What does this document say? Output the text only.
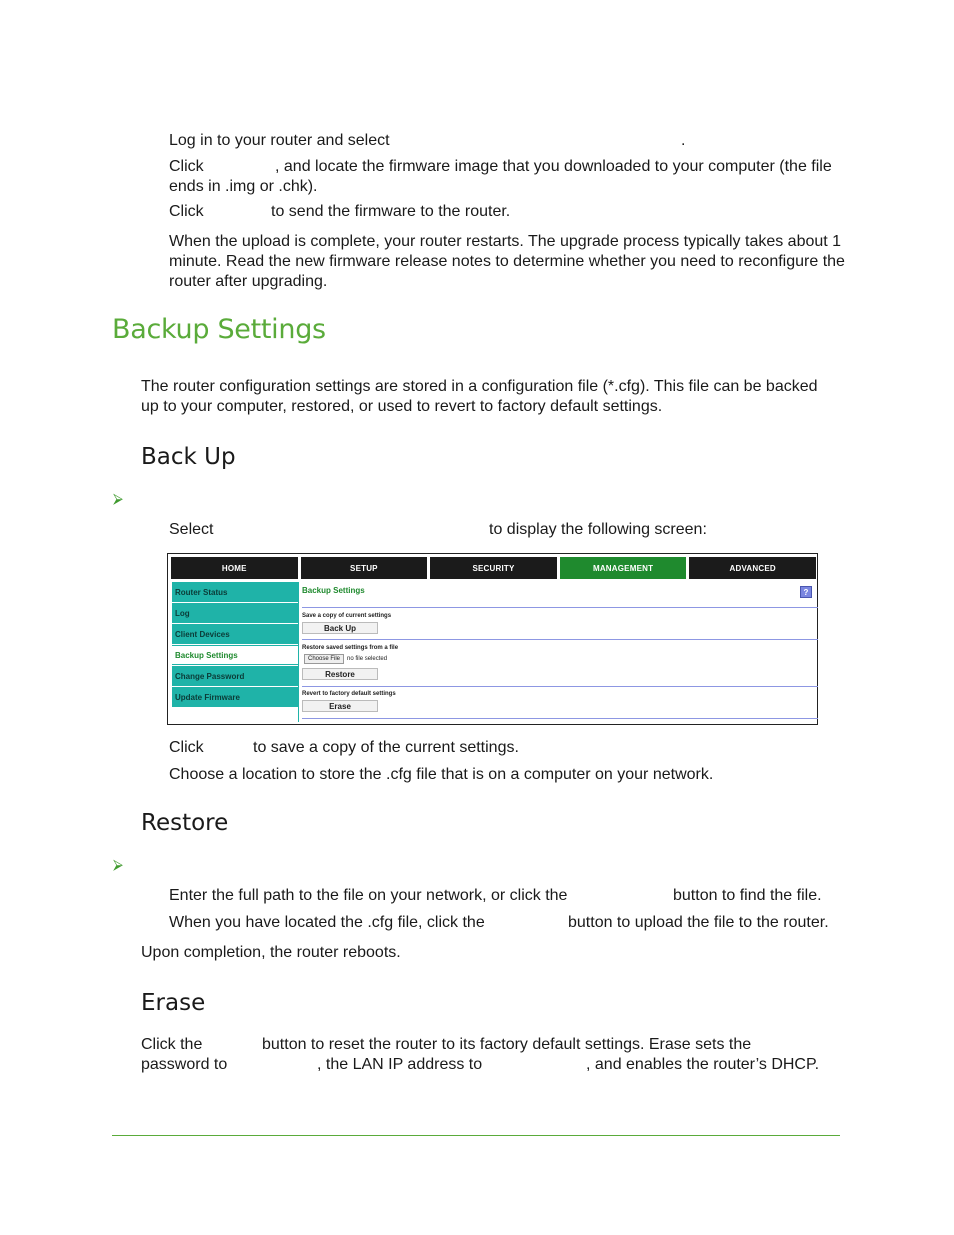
Log in to your router and select	.

Click	, and locate the firmware image that you downloaded to your computer (the file ends in .img or .chk).

Click	to send the firmware to the router.

When the upload is complete, your router restarts. The upgrade process typically takes about 1 minute. Read the new firmware release notes to determine whether you need to reconfigure the router after upgrading.

Backup Settings

The router configuration settings are stored in a configuration file (*.cfg). This file can be backed up to your computer, restored, or used to revert to factory default settings.

Back Up
⮚

Select	to display the following screen:

HOME	SETUP	SECURITY	MANAGEMENT	ADVANCED
Router Status
Log
Client Devices
Backup Settings
Change Password
Update Firmware
Backup Settings	?
Save a copy of current settings
Back Up
Restore saved settings from a file
Choose File	no file selected
Restore
Revert to factory default settings
Erase

Click	to save a copy of the current settings.

Choose a location to store the .cfg file that is on a computer on your network.

Restore
⮚

Enter the full path to the file on your network, or click the	button to find the file.

When you have located the .cfg file, click the	button to upload the file to the router.

Upon completion, the router reboots.

Erase

Click the	button to reset the router to its factory default settings. Erase sets the

password to	, the LAN IP address to	, and enables the router’s DHCP.
